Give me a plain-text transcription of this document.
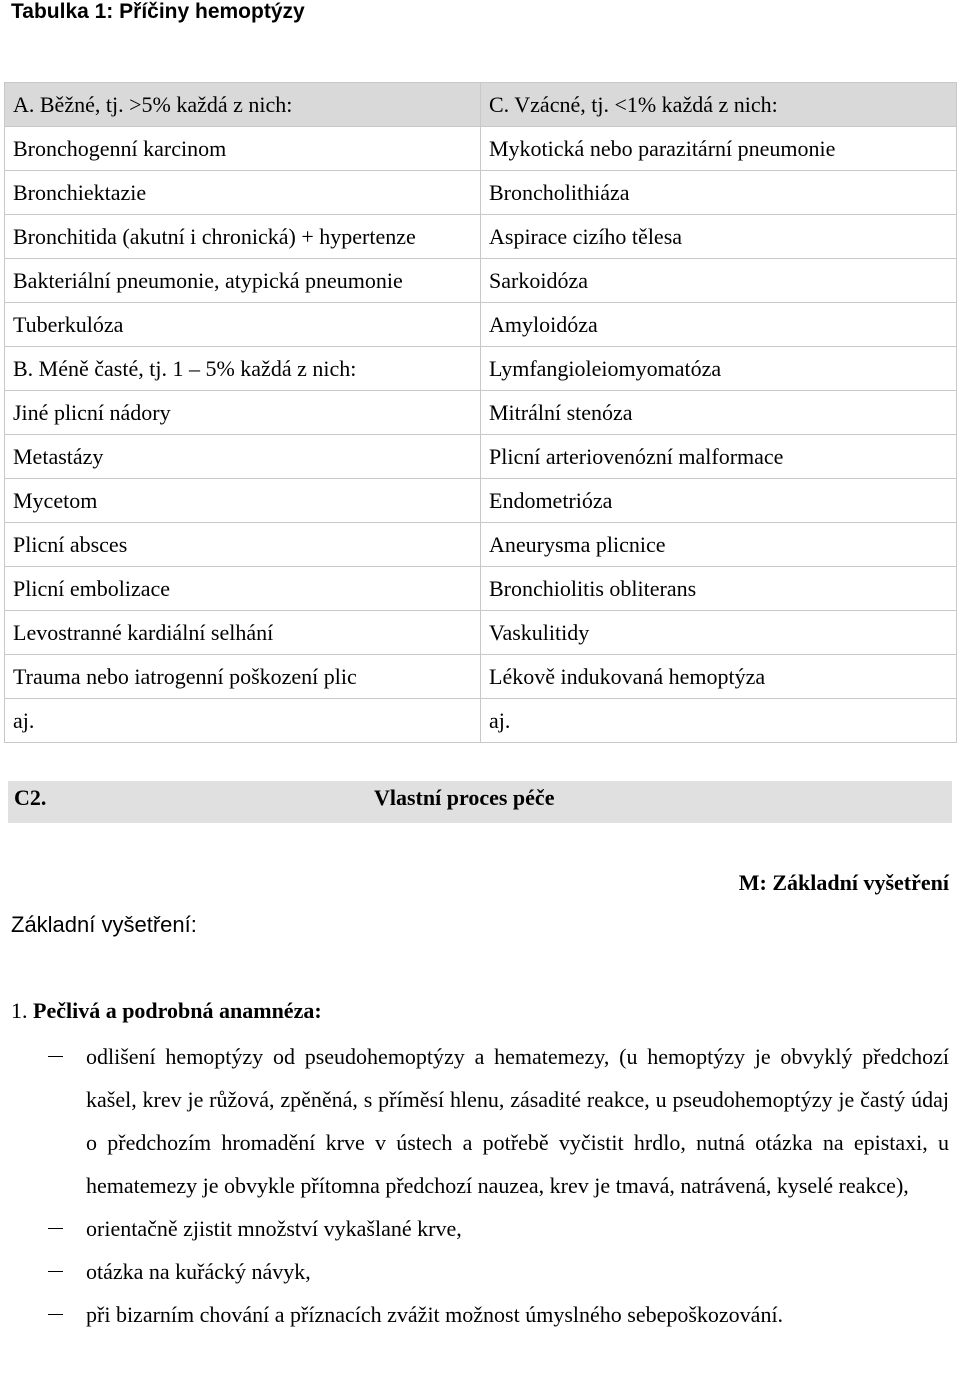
Tabulka 1: Příčiny hemoptýzy
A. Běžné, tj. >5% každá z nich:	C. Vzácné, tj. <1% každá z nich:
Bronchogenní karcinom	Mykotická nebo parazitární pneumonie
Bronchiektazie	Broncholithiáza
Bronchitida (akutní i chronická) + hypertenze	Aspirace cizího tělesa
Bakteriální pneumonie, atypická pneumonie	Sarkoidóza
Tuberkulóza	Amyloidóza
B. Méně časté, tj. 1 – 5% každá z nich:	Lymfangioleiomyomatóza
Jiné plicní nádory	Mitrální stenóza
Metastázy	Plicní arteriovenózní malformace
Mycetom	Endometrióza
Plicní absces	Aneurysma plicnice
Plicní embolizace	Bronchiolitis obliterans
Levostranné kardiální selhání	Vaskulitidy
Trauma nebo iatrogenní poškození plic	Lékově indukovaná hemoptýza
aj.	aj.
C2.	Vlastní proces péče
M: Základní vyšetření
Základní vyšetření:
1. Pečlivá a podrobná anamnéza:
odlišení hemoptýzy od pseudohemoptýzy a hematemezy, (u hemoptýzy je obvyklý předchozí kašel, krev je růžová, zpěněná, s příměsí hlenu, zásadité reakce, u pseudohemoptýzy je častý údaj o předchozím hromadění krve v ústech a potřebě vyčistit hrdlo, nutná otázka na epistaxi, u hematemezy je obvykle přítomna předchozí nauzea, krev je tmavá, natrávená, kyselé reakce),
orientačně zjistit množství vykašlané krve,
otázka na kuřácký návyk,
při bizarním chování a příznacích zvážit možnost úmyslného sebepoškozování.
